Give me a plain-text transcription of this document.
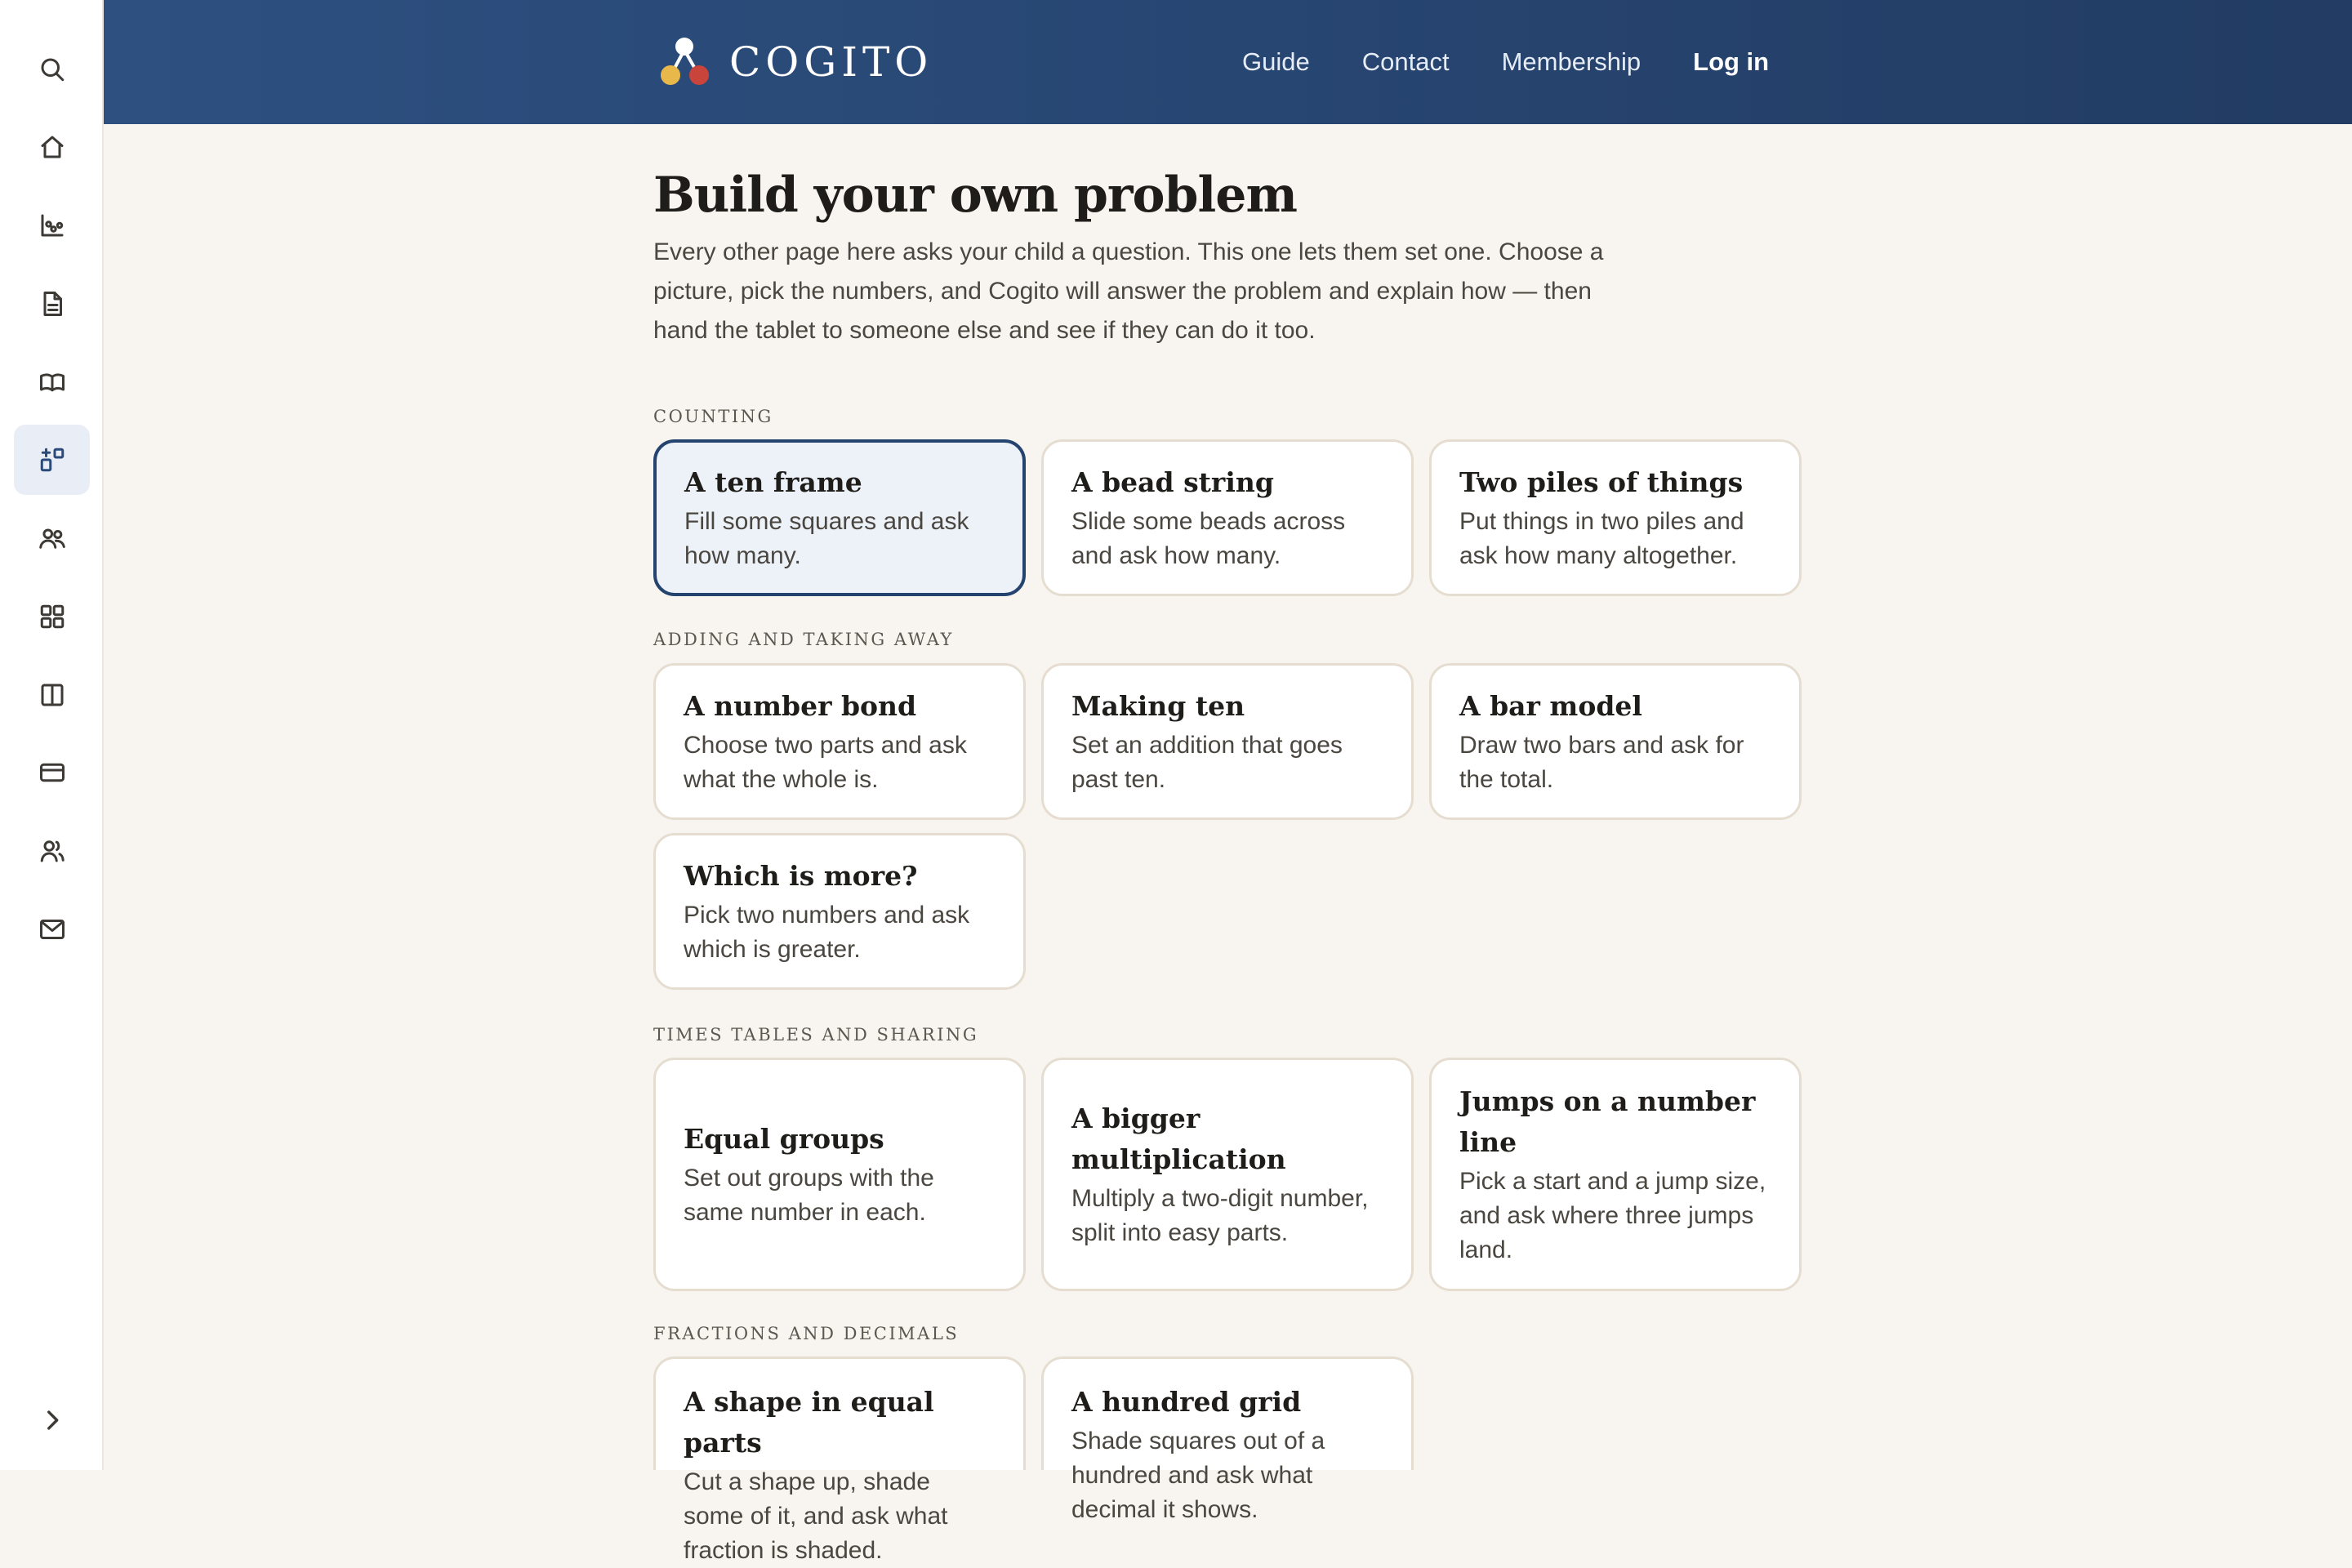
COGITO	Guide Contact Membership Log in
Build your own problem

Every other page here asks your child a question. This one lets them set one. Choose a picture, pick the numbers, and Cogito will answer the problem and explain how — then hand the tablet to someone else and see if they can do it too.

COUNTING
A ten frame
Fill some squares and ask how many.
A bead string
Slide some beads across and ask how many.
Two piles of things
Put things in two piles and ask how many altogether.
ADDING AND TAKING AWAY
A number bond
Choose two parts and ask what the whole is.
Making ten
Set an addition that goes past ten.
A bar model
Draw two bars and ask for the total.
Which is more?
Pick two numbers and ask which is greater.
TIMES TABLES AND SHARING
Equal groups
Set out groups with the same number in each.
A bigger multiplication
Multiply a two-digit number, split into easy parts.
Jumps on a number line
Pick a start and a jump size, and ask where three jumps land.
FRACTIONS AND DECIMALS
A shape in equal parts
Cut a shape up, shade some of it, and ask what fraction is shaded.
A hundred grid
Shade squares out of a hundred and ask what decimal it shows.
